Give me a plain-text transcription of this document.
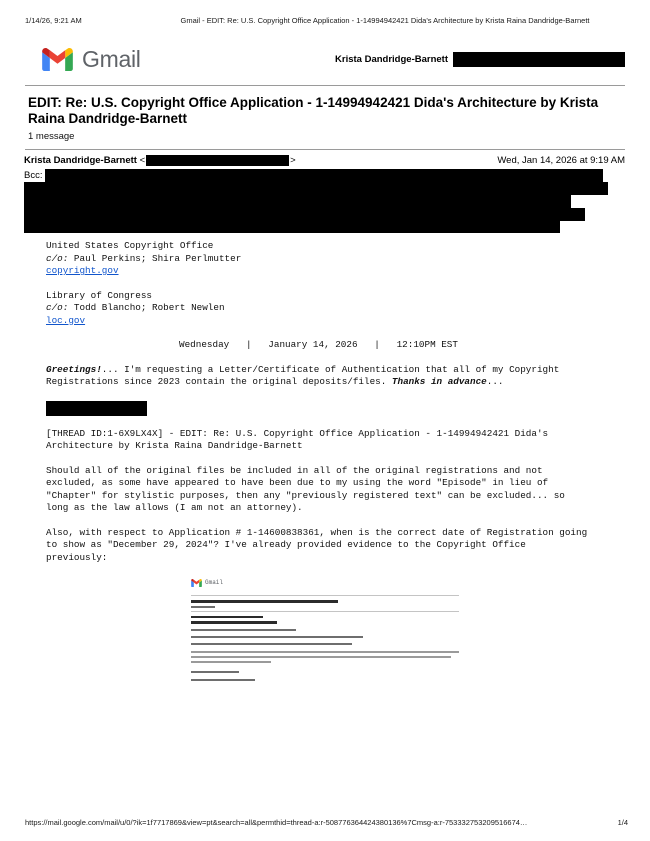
1/14/26, 9:21 AM	Gmail - EDIT: Re: U.S. Copyright Office Application - 1-14994942421 Dida's Architecture by Krista Raina Dandridge-Barnett
Gmail	Krista Dandridge-Barnett
EDIT: Re: U.S. Copyright Office Application - 1-14994942421 Dida's Architecture by Krista Raina Dandridge-Barnett
1 message
Krista Dandridge-Barnett <	>	Wed, Jan 14, 2026 at 9:19 AM
Bcc:
United States Copyright Office
c/o: Paul Perkins; Shira Perlmutter

copyright.gov

Library of Congress
c/o: Todd Blancho; Robert Newlen

loc.gov

Wednesday   |   January 14, 2026   |   12:10PM EST

Greetings!... I'm requesting a Letter/Certificate of Authentication that all of my Copyright Registrations since 2023 contain the original deposits/files. Thanks in advance...

[THREAD ID:1-6X9LX4X] - EDIT: Re: U.S. Copyright Office Application - 1-14994942421 Dida's Architecture by Krista Raina Dandridge-Barnett

Should all of the original files be included in all of the original registrations and not excluded, as some have appeared to have been due to my using the word "Episode" in lieu of "Chapter" for stylistic purposes, then any "previously registered text" can be excluded... so long as the law allows (I am not an attorney).

Also, with respect to Application # 1-14600838361, when is the correct date of Registration going to show as "December 29, 2024"? I've already provided evidence to the Copyright Office previously:

Gmail
https://mail.google.com/mail/u/0/?ik=1f7717869&view=pt&search=all&permthid=thread-a:r-508776364424380136%7Cmsg-a:r-753332753209516674…	1/4
